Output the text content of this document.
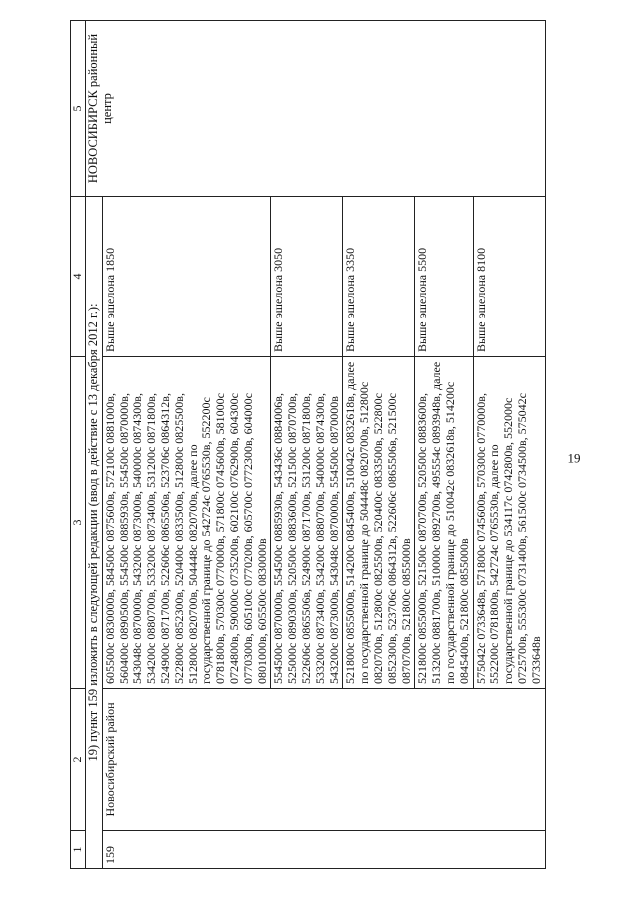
19
1	2	3	4	5
19) пункт 159 изложить в следующей редакции (ввод в действие с 13 декабря 2012 г.):				НОВОСИБИРСК районный центр
159	Новосибирский район	605500с 0830000в, 584500с 0875600в, 572100с 0881000в, 560400с 0890500в, 554500с 0885930в, 554500с 0870000в, 543048с 0870000в, 543200с 0873000в, 540000с 0874300в, 534200с 0880700в, 533200с 0873400в, 531200с 0871800в, 524900с 0871700в, 522606с 0865506в, 523706с 0864312в, 522800с 0852300в, 520400с 0833500в, 512800с 0825500в, 512800с 0820700в, 504448с 0820700в, далее по государственной границе до 542724с 0765530в, 552200с 0781800в, 570300с 0770000в, 571800с 0745600в, 581000с 0724800в, 590000с 0735200в, 602100с 0762900в, 604300с 0770300в, 605100с 0770200в, 605700с 0772300в, 604000с 0801000в, 605500с 0830000в	Выше эшелона 1850	
		554500с 0870000в, 554500с 0885930в, 543436с 0884006в, 525000с 0890300в, 520500с 0883600в, 521500с 0870700в, 522606с 0865506в, 524900с 0871700в, 531200с 0871800в, 533200с 0873400в, 534200с 0880700в, 540000с 0874300в, 543200с 0873000в, 543048с 0870000в, 554500с 0870000в	Выше эшелона 3050	
		521800с 0855000в, 514200с 0845400в, 510042с 0832618в, далее по государственной границе до 504448с 0820700в, 512800с 0820700в, 512800с 0825500в, 520400с 0833500в, 522800с 0852300в, 523706с 0864312в, 522606с 0865506в, 521500с 0870700в, 521800с 0855000в	Выше эшелона 3350	
		521800с 0855000в, 521500с 0870700в, 520500с 0883600в, 513200с 0881700в, 510000с 0892700в, 495554с 0893948в, далее по государственной границе до 510042с 0832618в, 514200с 0845400в, 521800с 0855000в	Выше эшелона 5500	
		575042с 0733648в, 571800с 0745600в, 570300с 0770000в, 552200с 0781800в, 542724с 0765530в, далее по государственной границе до 534117с 0742800в, 552000с 0725700в, 555300с 0731400в, 561500с 0734500в, 575042с 0733648в	Выше эшелона 8100	
